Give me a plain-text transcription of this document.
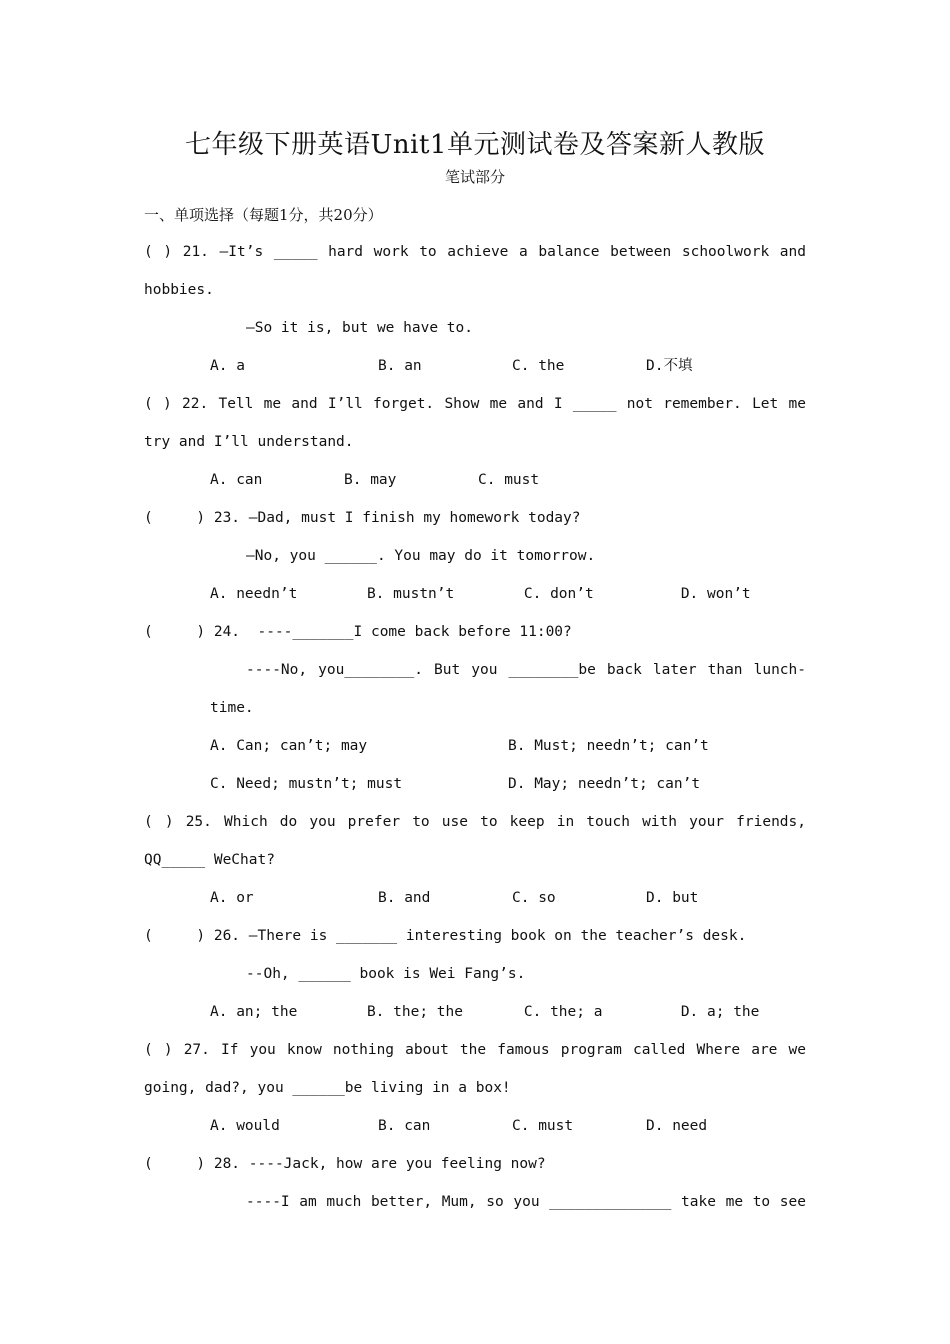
七年级下册英语Unit1单元测试卷及答案新人教版
笔试部分
一、单项选择（每题1分，共20分）
( ) 21. –It’s _____ hard work to achieve a balance between schoolwork and
hobbies.
–So it is, but we have to.
A. a	B. an	C. the	D.不填
( ) 22. Tell me and I’ll forget. Show me and I _____ not remember. Let me
try and I’ll understand.
A. can	B. may	C. must
(     ) 23. —Dad, must I finish my homework today?
—No, you ______. You may do it tomorrow.
A. needn’t	B. mustn’t	C. don’t	D. won’t
(     ) 24.  ----_______I come back before 11:00?
----No, you________. But you ________be back later than lunch-
time.
A. Can; can’t; may	B. Must; needn’t; can’t
C. Need; mustn’t; must	D. May; needn’t; can’t
( ) 25. Which do you prefer to use to keep in touch with your friends,
QQ_____ WeChat?
A. or	B. and	C. so	D. but
(     ) 26. –There is _______ interesting book on the teacher’s desk.
--Oh, ______ book is Wei Fang’s.
A. an; the	B. the; the	C. the; a	D. a; the
( ) 27. If you know nothing about the famous program called Where are we
going, dad?, you ______be living in a box!
A. would	B. can	C. must	D. need
(     ) 28. ----Jack, how are you feeling now?
----I am much better, Mum, so you ______________ take me to see
